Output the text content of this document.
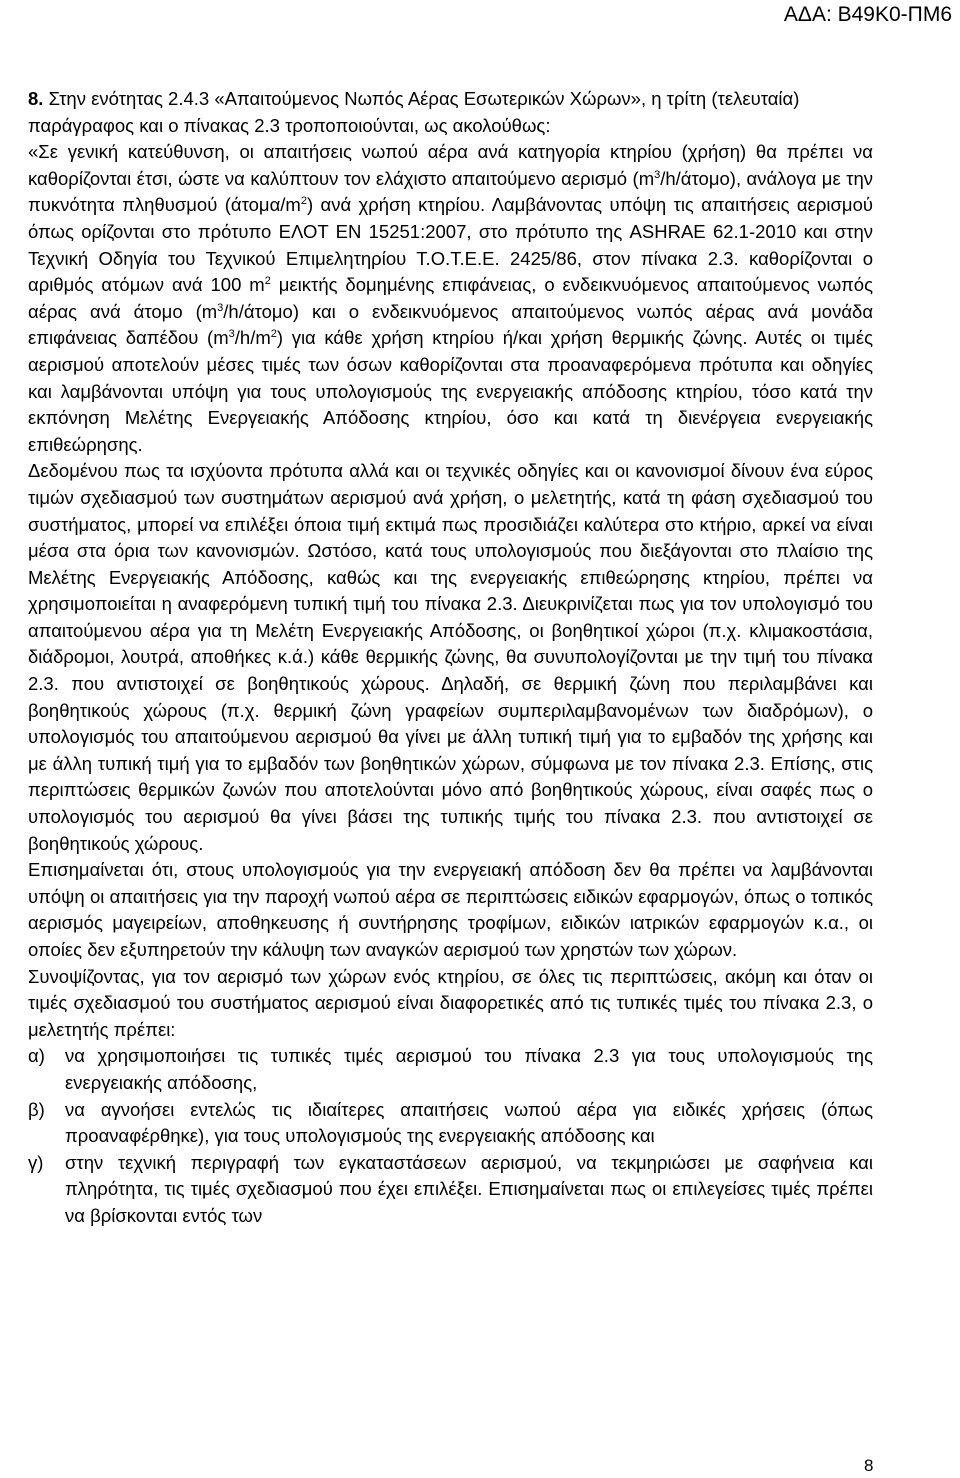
ΑΔΑ: Β49Κ0-ΠΜ6

8. Στην ενότητας 2.4.3 «Απαιτούμενος Νωπός Αέρας Εσωτερικών Χώρων», η τρίτη (τελευταία) παράγραφος και ο πίνακας 2.3 τροποποιούνται, ως ακολούθως:

«Σε γενική κατεύθυνση, οι απαιτήσεις νωπού αέρα ανά κατηγορία κτηρίου (χρήση) θα πρέπει να καθορίζονται έτσι, ώστε να καλύπτουν τον ελάχιστο απαιτούμενο αερισμό $(m^3/h/ά\tau o\mu o)$, ανάλογα με την πυκνότητα πληθυσμού $(ά\tau o\mu\alpha/m^2)$ ανά χρήση κτηρίου. Λαμβάνοντας υπόψη τις απαιτήσεις αερισμού όπως ορίζονται στο πρότυπο ΕΛΟΤ ΕΝ 15251:2007, στο πρότυπο της ASHRAE 62.1-2010 και στην Τεχνική Οδηγία του Τεχνικού Επιμελητηρίου Τ.Ο.Τ.Ε.Ε. 2425/86, στον πίνακα 2.3. καθορίζονται ο αριθμός ατόμων ανά 100 $m^2$ μεικτής δομημένης επιφάνειας, ο ενδεικνυόμενος απαιτούμενος νωπός αέρας ανά άτομο $(m^3/h/ά\tau o\mu o)$ και ο ενδεικνυόμενος απαιτούμενος νωπός αέρας ανά μονάδα επιφάνειας δαπέδου $(m^3/h/m^2)$ για κάθε χρήση κτηρίου ή/και χρήση θερμικής ζώνης. Αυτές οι τιμές αερισμού αποτελούν μέσες τιμές των όσων καθορίζονται στα προαναφερόμενα πρότυπα και οδηγίες και λαμβάνονται υπόψη για τους υπολογισμούς της ενεργειακής απόδοσης κτηρίου, τόσο κατά την εκπόνηση Μελέτης Ενεργειακής Απόδοσης κτηρίου, όσο και κατά τη διενέργεια ενεργειακής επιθεώρησης.

Δεδομένου πως τα ισχύοντα πρότυπα αλλά και οι τεχνικές οδηγίες και οι κανονισμοί δίνουν ένα εύρος τιμών σχεδιασμού των συστημάτων αερισμού ανά χρήση, ο μελετητής, κατά τη φάση σχεδιασμού του συστήματος, μπορεί να επιλέξει όποια τιμή εκτιμά πως προσιδιάζει καλύτερα στο κτήριο, αρκεί να είναι μέσα στα όρια των κανονισμών. Ωστόσο, κατά τους υπολογισμούς που διεξάγονται στο πλαίσιο της Μελέτης Ενεργειακής Απόδοσης, καθώς και της ενεργειακής επιθεώρησης κτηρίου, πρέπει να χρησιμοποιείται η αναφερόμενη τυπική τιμή του πίνακα 2.3. Διευκρινίζεται πως για τον υπολογισμό του απαιτούμενου αέρα για τη Μελέτη Ενεργειακής Απόδοσης, οι βοηθητικοί χώροι (π.χ. κλιμακοστάσια, διάδρομοι, λουτρά, αποθήκες κ.ά.) κάθε θερμικής ζώνης, θα συνυπολογίζονται με την τιμή του πίνακα 2.3. που αντιστοιχεί σε βοηθητικούς χώρους. Δηλαδή, σε θερμική ζώνη που περιλαμβάνει και βοηθητικούς χώρους (π.χ. θερμική ζώνη γραφείων συμπεριλαμβανομένων των διαδρόμων), ο υπολογισμός του απαιτούμενου αερισμού θα γίνει με άλλη τυπική τιμή για το εμβαδόν της χρήσης και με άλλη τυπική τιμή για το εμβαδόν των βοηθητικών χώρων, σύμφωνα με τον πίνακα 2.3. Επίσης, στις περιπτώσεις θερμικών ζωνών που αποτελούνται μόνο από βοηθητικούς χώρους, είναι σαφές πως ο υπολογισμός του αερισμού θα γίνει βάσει της τυπικής τιμής του πίνακα 2.3. που αντιστοιχεί σε βοηθητικούς χώρους.

Επισημαίνεται ότι, στους υπολογισμούς για την ενεργειακή απόδοση δεν θα πρέπει να λαμβάνονται υπόψη οι απαιτήσεις για την παροχή νωπού αέρα σε περιπτώσεις ειδικών εφαρμογών, όπως ο τοπικός αερισμός μαγειρείων, αποθηκευσης ή συντήρησης τροφίμων, ειδικών ιατρικών εφαρμογών κ.α., οι οποίες δεν εξυπηρετούν την κάλυψη των αναγκών αερισμού των χρηστών των χώρων.

Συνοψίζοντας, για τον αερισμό των χώρων ενός κτηρίου, σε όλες τις περιπτώσεις, ακόμη και όταν οι τιμές σχεδιασμού του συστήματος αερισμού είναι διαφορετικές από τις τυπικές τιμές του πίνακα 2.3, ο μελετητής πρέπει:

α) να χρησιμοποιήσει τις τυπικές τιμές αερισμού του πίνακα 2.3 για τους υπολογισμούς της ενεργειακής απόδοσης,
β) να αγνοήσει εντελώς τις ιδιαίτερες απαιτήσεις νωπού αέρα για ειδικές χρήσεις (όπως προαναφέρθηκε), για τους υπολογισμούς της ενεργειακής απόδοσης και
γ) στην τεχνική περιγραφή των εγκαταστάσεων αερισμού, να τεκμηριώσει με σαφήνεια και πληρότητα, τις τιμές σχεδιασμού που έχει επιλέξει. Επισημαίνεται πως οι επιλεγείσες τιμές πρέπει να βρίσκονται εντός των
8
